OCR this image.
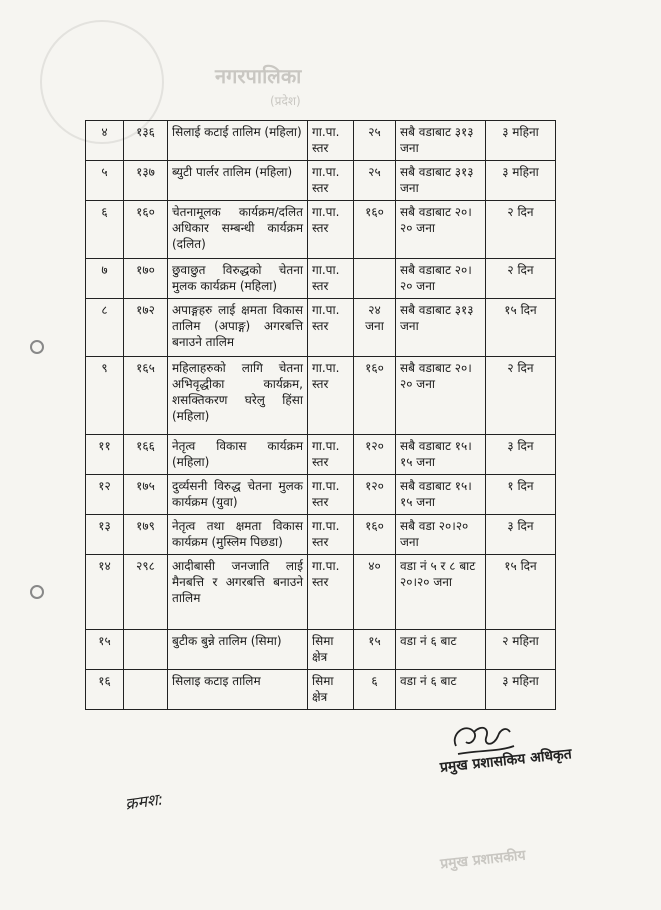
नगरपालिका
(प्रदेश)
४	१३६	सिलाई कटाई तालिम (महिला)	गा.पा. स्तर	२५	सबै वडाबाट ३१३ जना	३ महिना
५	१३७	ब्युटी पार्लर तालिम (महिला)	गा.पा. स्तर	२५	सबै वडाबाट ३१३ जना	३ महिना
६	१६०	चेतनामूलक कार्यक्रम/दलित अधिकार सम्बन्धी कार्यक्रम (दलित)	गा.पा. स्तर	१६०	सबै वडाबाट २०।२० जना	२ दिन
७	१७०	छुवाछुत विरुद्धको चेतना मुलक कार्यक्रम (महिला)	गा.पा. स्तर		सबै वडाबाट २०।२० जना	२ दिन
८	१७२	अपाङ्गहरु लाई क्षमता विकास तालिम (अपाङ्ग) अगरबत्ति बनाउने तालिम	गा.पा. स्तर	२४ जना	सबै वडाबाट ३१३ जना	१५ दिन
९	१६५	महिलाहरुको लागि चेतना अभिवृद्धीका कार्यक्रम, शसक्तिकरण घरेलु हिंसा (महिला)	गा.पा. स्तर	१६०	सबै वडाबाट २०।२० जना	२ दिन
११	१६६	नेतृत्व विकास कार्यक्रम (महिला)	गा.पा. स्तर	१२०	सबै वडाबाट १५।१५ जना	३ दिन
१२	१७५	दुर्व्यसनी विरुद्ध चेतना मुलक कार्यक्रम (युवा)	गा.पा. स्तर	१२०	सबै वडाबाट १५।१५ जना	१ दिन
१३	१७९	नेतृत्व तथा क्षमता विकास कार्यक्रम (मुस्लिम पिछडा)	गा.पा. स्तर	१६०	सबै वडा २०।२० जना	३ दिन
१४	२९८	आदीबासी जनजाति लाई मैनबत्ति र अगरबत्ति बनाउने तालिम	गा.पा. स्तर	४०	वडा नं ५ र ८ बाट २०।२० जना	१५ दिन
१५		बुटीक बुन्ने तालिम (सिमा)	सिमा क्षेत्र	१५	वडा नं ६ बाट	२ महिना
१६		सिलाइ कटाइ तालिम	सिमा क्षेत्र	६	वडा नं ६ बाट	३ महिना
प्रमुख प्रशासकिय अधिकृत
क्रमश:
प्रमुख प्रशासकीय
